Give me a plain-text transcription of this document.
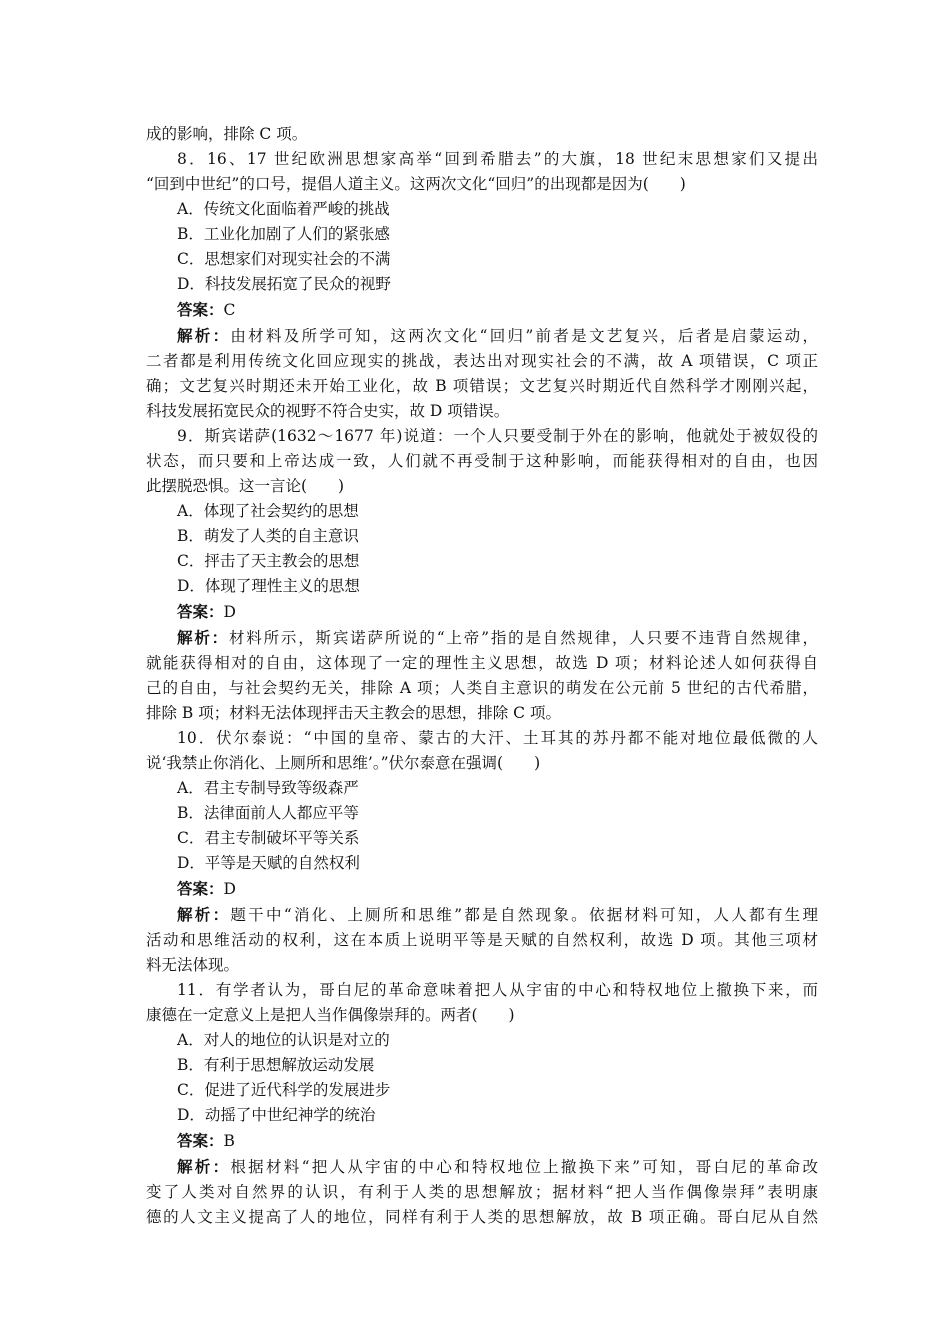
成的影响，排除 C 项。
8．16、17 世纪欧洲思想家高举“回到希腊去”的大旗，18 世纪末思想家们又提出
“回到中世纪”的口号，提倡人道主义。这两次文化“回归”的出现都是因为(　　)
A．传统文化面临着严峻的挑战
B．工业化加剧了人们的紧张感
C．思想家们对现实社会的不满
D．科技发展拓宽了民众的视野
答案：C
解析：由材料及所学可知，这两次文化“回归”前者是文艺复兴，后者是启蒙运动，
二者都是利用传统文化回应现实的挑战，表达出对现实社会的不满，故 A 项错误，C 项正
确；文艺复兴时期还未开始工业化，故 B 项错误；文艺复兴时期近代自然科学才刚刚兴起，
科技发展拓宽民众的视野不符合史实，故 D 项错误。
9．斯宾诺萨(1632～1677 年)说道：一个人只要受制于外在的影响，他就处于被奴役的
状态，而只要和上帝达成一致，人们就不再受制于这种影响，而能获得相对的自由，也因
此摆脱恐惧。这一言论(　　)
A．体现了社会契约的思想
B．萌发了人类的自主意识
C．抨击了天主教会的思想
D．体现了理性主义的思想
答案：D
解析：材料所示，斯宾诺萨所说的“上帝”指的是自然规律，人只要不违背自然规律，
就能获得相对的自由，这体现了一定的理性主义思想，故选 D 项；材料论述人如何获得自
己的自由，与社会契约无关，排除 A 项；人类自主意识的萌发在公元前 5 世纪的古代希腊，
排除 B 项；材料无法体现抨击天主教会的思想，排除 C 项。
10．伏尔泰说：“中国的皇帝、蒙古的大汗、土耳其的苏丹都不能对地位最低微的人
说‘我禁止你消化、上厕所和思维’。”伏尔泰意在强调(　　)
A．君主专制导致等级森严
B．法律面前人人都应平等
C．君主专制破坏平等关系
D．平等是天赋的自然权利
答案：D
解析：题干中“消化、上厕所和思维”都是自然现象。依据材料可知，人人都有生理
活动和思维活动的权利，这在本质上说明平等是天赋的自然权利，故选 D 项。其他三项材
料无法体现。
11．有学者认为，哥白尼的革命意味着把人从宇宙的中心和特权地位上撤换下来，而
康德在一定意义上是把人当作偶像崇拜的。两者(　　)
A．对人的地位的认识是对立的
B．有利于思想解放运动发展
C．促进了近代科学的发展进步
D．动摇了中世纪神学的统治
答案：B
解析：根据材料“把人从宇宙的中心和特权地位上撤换下来”可知，哥白尼的革命改
变了人类对自然界的认识，有利于人类的思想解放；据材料“把人当作偶像崇拜”表明康
德的人文主义提高了人的地位，同样有利于人类的思想解放，故 B 项正确。哥白尼从自然
